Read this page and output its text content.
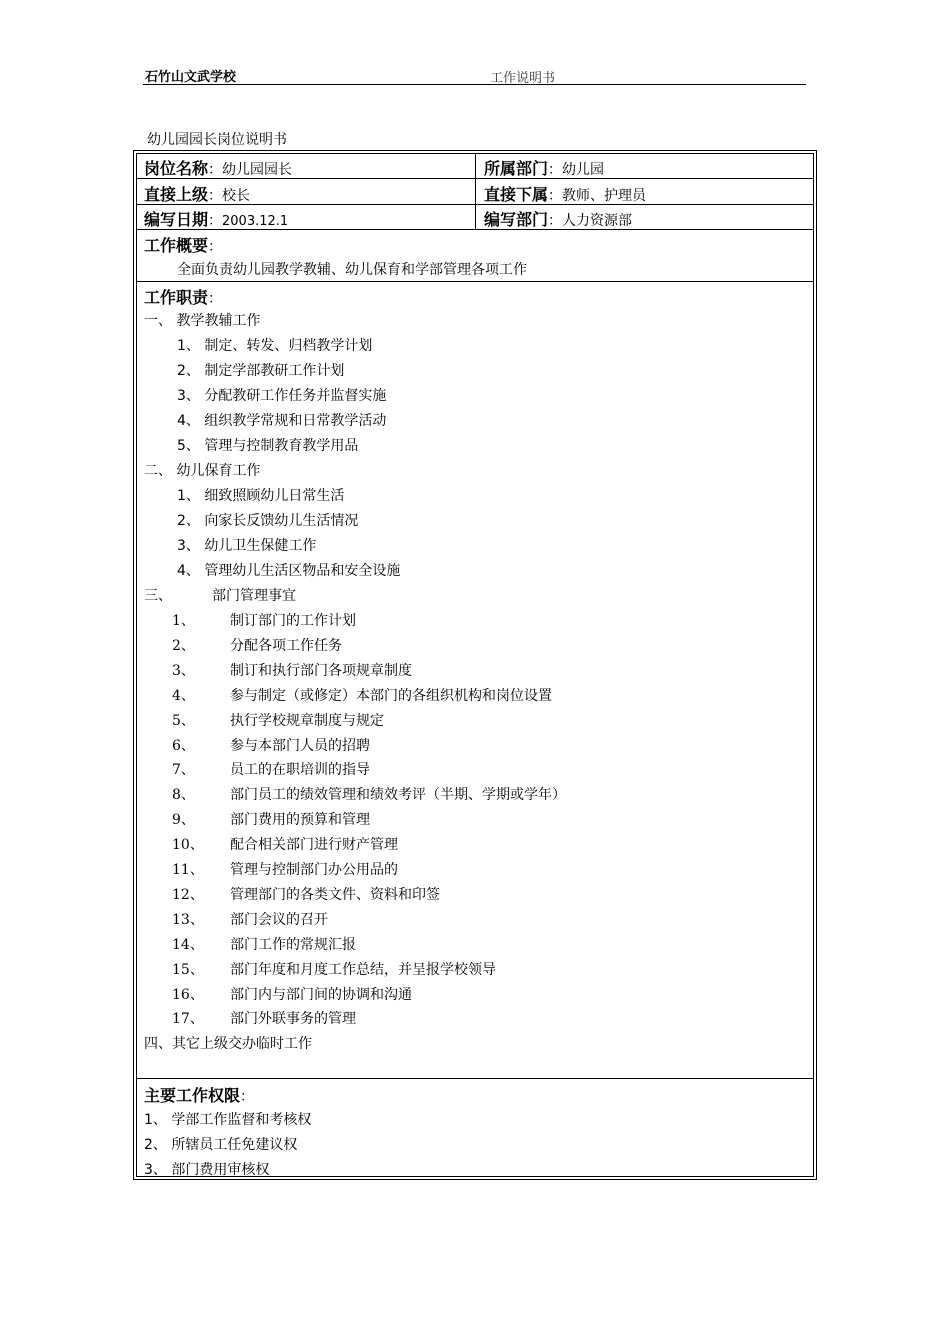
石竹山文武学校	工作说明书
幼儿园园长岗位说明书
岗位名称：幼儿园园长	所属部门：幼儿园
直接上级：校长	直接下属：教师、护理员
编写日期：2003.12.1	编写部门：人力资源部
工作概要：
全面负责幼儿园教学教辅、幼儿保育和学部管理各项工作
工作职责：
一、 教学教辅工作
1、 制定、转发、归档教学计划
2、 制定学部教研工作计划
3、 分配教研工作任务并监督实施
4、 组织教学常规和日常教学活动
5、 管理与控制教育教学用品
二、 幼儿保育工作
1、 细致照顾幼儿日常生活
2、 向家长反馈幼儿生活情况
3、 幼儿卫生保健工作
4、 管理幼儿生活区物品和安全设施
三、	部门管理事宜
1、	制订部门的工作计划
2、	分配各项工作任务
3、	制订和执行部门各项规章制度
4、	参与制定（或修定）本部门的各组织机构和岗位设置
5、	执行学校规章制度与规定
6、	参与本部门人员的招聘
7、	员工的在职培训的指导
8、	部门员工的绩效管理和绩效考评（半期、学期或学年）
9、	部门费用的预算和管理
10、 配合相关部门进行财产管理
11、 管理与控制部门办公用品的
12、 管理部门的各类文件、资料和印签
13、 部门会议的召开
14、 部门工作的常规汇报
15、 部门年度和月度工作总结，并呈报学校领导
16、 部门内与部门间的协调和沟通
17、 部门外联事务的管理
四、其它上级交办临时工作
主要工作权限：
1、 学部工作监督和考核权
2、 所辖员工任免建议权
3、 部门费用审核权
